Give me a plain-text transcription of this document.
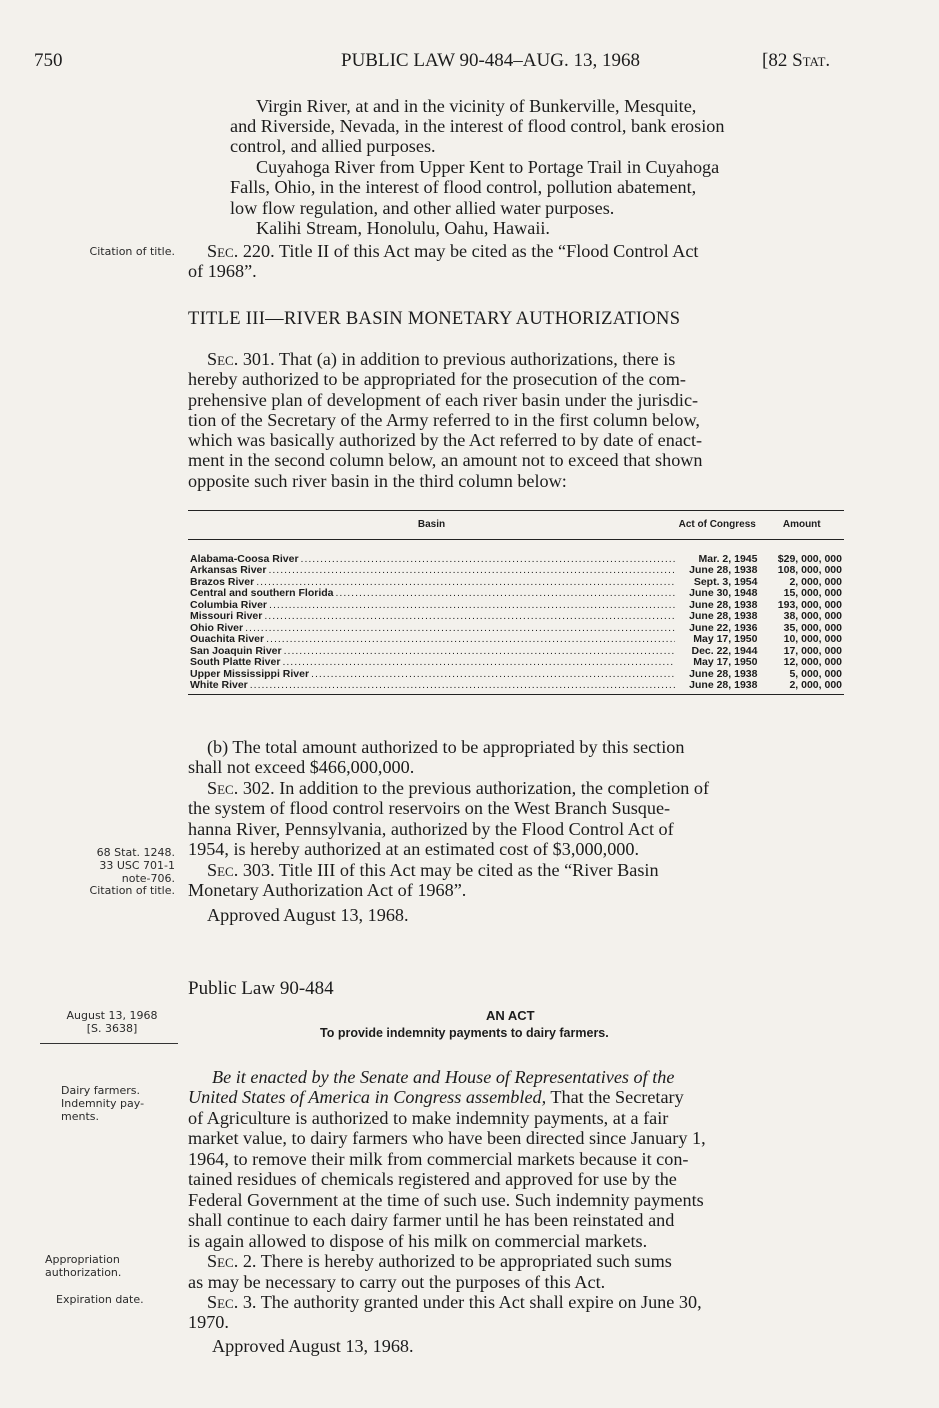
750	PUBLIC LAW 90-484–AUG. 13, 1968	[82 Stat.
Virgin River, at and in the vicinity of Bunkerville, Mesquite,
and Riverside, Nevada, in the interest of flood control, bank erosion
control, and allied purposes.
Cuyahoga River from Upper Kent to Portage Trail in Cuyahoga
Falls, Ohio, in the interest of flood control, pollution abatement,
low flow regulation, and other allied water purposes.
Kalihi Stream, Honolulu, Oahu, Hawaii.
Citation of title. Sec. 220. Title II of this Act may be cited as the “Flood Control Act
of 1968”.
TITLE III—RIVER BASIN MONETARY AUTHORIZATIONS
Sec. 301. That (a) in addition to previous authorizations, there is
hereby authorized to be appropriated for the prosecution of the com-
prehensive plan of development of each river basin under the jurisdic-
tion of the Secretary of the Army referred to in the first column below,
which was basically authorized by the Act referred to by date of enact-
ment in the second column below, an amount not to exceed that shown
opposite such river basin in the third column below:
Basin	Act of Congress	Amount
Alabama-Coosa River .....	Mar. 2, 1945	$29, 000, 000
Arkansas River .....	June 28, 1938	108, 000, 000
Brazos River .....	Sept. 3, 1954	2, 000, 000
Central and southern Florida .....	June 30, 1948	15, 000, 000
Columbia River .....	June 28, 1938	193, 000, 000
Missouri River .....	June 28, 1938	38, 000, 000
Ohio River .....	June 22, 1936	35, 000, 000
Ouachita River .....	May 17, 1950	10, 000, 000
San Joaquin River .....	Dec. 22, 1944	17, 000, 000
South Platte River .....	May 17, 1950	12, 000, 000
Upper Mississippi River .....	June 28, 1938	5, 000, 000
White River .....	June 28, 1938	2, 000, 000
(b) The total amount authorized to be appropriated by this section
shall not exceed $466,000,000.
Sec. 302. In addition to the previous authorization, the completion of
the system of flood control reservoirs on the West Branch Susque-
hanna River, Pennsylvania, authorized by the Flood Control Act of
1954, is hereby authorized at an estimated cost of $3,000,000.
68 Stat. 1248.
33 USC 701-1
note-706.
Citation of title.
Sec. 303. Title III of this Act may be cited as the “River Basin
Monetary Authorization Act of 1968”.
Approved August 13, 1968.
Public Law 90-484
August 13, 1968
[S. 3638]
AN ACT
To provide indemnity payments to dairy farmers.
Dairy farmers.
Indemnity pay-
ments.
Be it enacted by the Senate and House of Representatives of the
United States of America in Congress assembled, That the Secretary
of Agriculture is authorized to make indemnity payments, at a fair
market value, to dairy farmers who have been directed since January 1,
1964, to remove their milk from commercial markets because it con-
tained residues of chemicals registered and approved for use by the
Federal Government at the time of such use. Such indemnity payments
shall continue to each dairy farmer until he has been reinstated and
is again allowed to dispose of his milk on commercial markets.
Appropriation
authorization.
Sec. 2. There is hereby authorized to be appropriated such sums
as may be necessary to carry out the purposes of this Act.
Expiration date.	Sec. 3. The authority granted under this Act shall expire on June 30,
1970.
Approved August 13, 1968.
